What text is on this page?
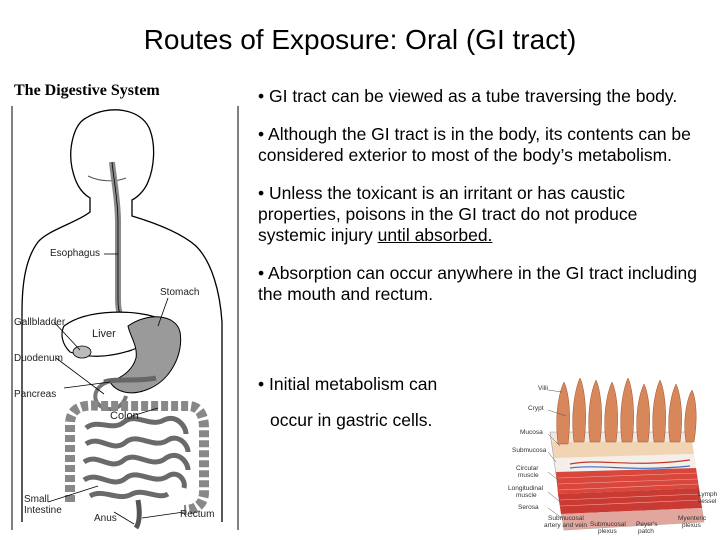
Routes of Exposure: Oral (GI tract)
The Digestive System
Esophagus
Stomach
Gallbladder
Liver
Duodenum
Pancreas
Colon
Small
Intestine
Anus	Rectum
• GI tract can be viewed as a tube traversing the body.
• Although the GI tract is in the body, its contents can be considered exterior to most of the body’s metabolism.
• Unless the toxicant is an irritant or has caustic properties, poisons in the GI tract do not produce systemic injury until absorbed.
• Absorption can occur anywhere in the GI tract including the mouth and rectum.
• Initial metabolism can
occur in gastric cells.
Villi
Crypt
Mucosa
Submucosa
Circular
muscle
Longitudinal
muscle
Serosa
Submucosal
artery and vein Submucosal
plexus
Peyer's
patch
Myenteric
plexus
Lymph
vessel
